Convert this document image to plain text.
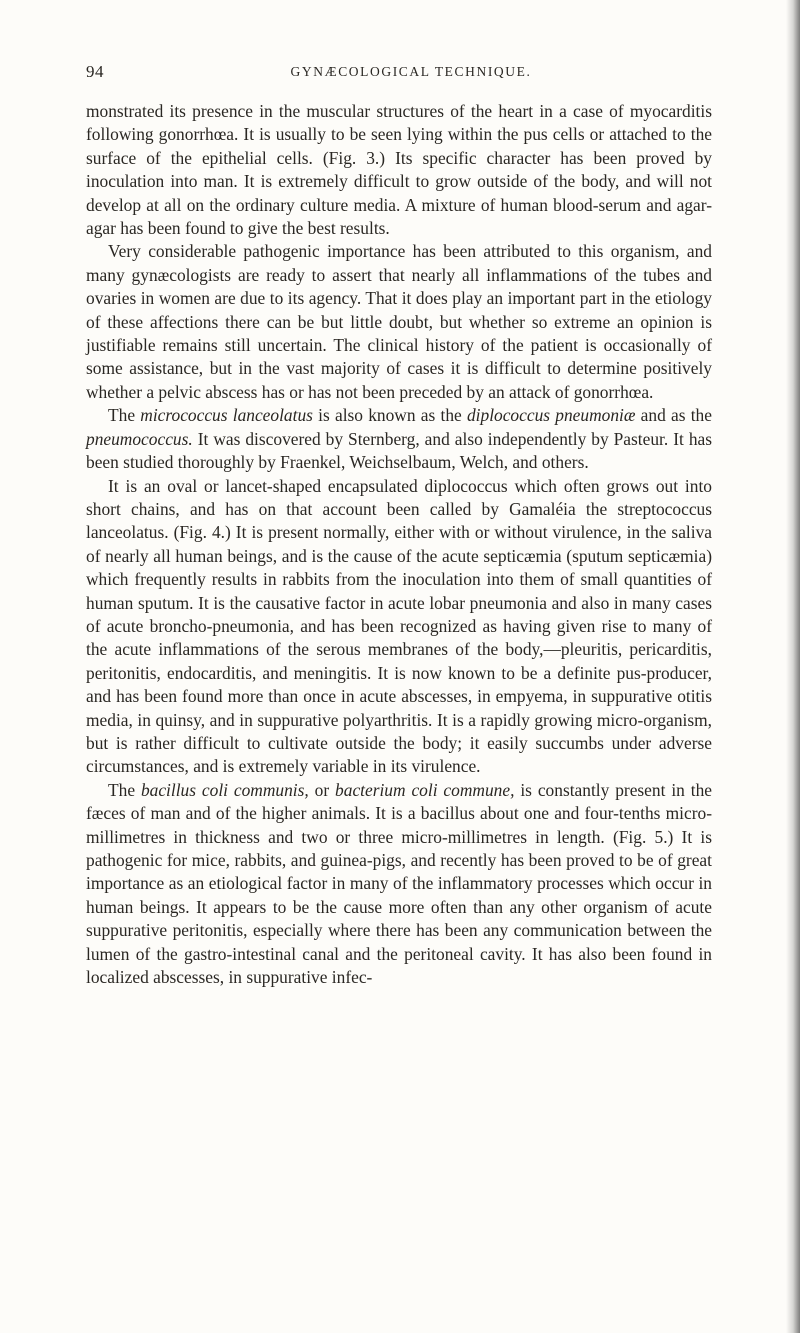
94	GYNÆCOLOGICAL TECHNIQUE.

monstrated its presence in the muscular structures of the heart in a case of myocarditis following gonorrhœa. It is usually to be seen lying within the pus cells or attached to the surface of the epithelial cells. (Fig. 3.) Its specific character has been proved by inoculation into man. It is extremely difficult to grow outside of the body, and will not develop at all on the ordinary culture media. A mixture of human blood-serum and agar-agar has been found to give the best results.

Very considerable pathogenic importance has been attributed to this organism, and many gynæcologists are ready to assert that nearly all inflammations of the tubes and ovaries in women are due to its agency. That it does play an important part in the etiology of these affections there can be but little doubt, but whether so extreme an opinion is justifiable remains still uncertain. The clinical history of the patient is occasionally of some assistance, but in the vast majority of cases it is difficult to determine positively whether a pelvic abscess has or has not been preceded by an attack of gonorrhœa.

The micrococcus lanceolatus is also known as the diplococcus pneumoniæ and as the pneumococcus. It was discovered by Sternberg, and also independently by Pasteur. It has been studied thoroughly by Fraenkel, Weichselbaum, Welch, and others.

It is an oval or lancet-shaped encapsulated diplococcus which often grows out into short chains, and has on that account been called by Gamaléia the streptococcus lanceolatus. (Fig. 4.) It is present normally, either with or without virulence, in the saliva of nearly all human beings, and is the cause of the acute septicæmia (sputum septicæmia) which frequently results in rabbits from the inoculation into them of small quantities of human sputum. It is the causative factor in acute lobar pneumonia and also in many cases of acute broncho-pneumonia, and has been recognized as having given rise to many of the acute inflammations of the serous membranes of the body,—pleuritis, pericarditis, peritonitis, endocarditis, and meningitis. It is now known to be a definite pus-producer, and has been found more than once in acute abscesses, in empyema, in suppurative otitis media, in quinsy, and in suppurative polyarthritis. It is a rapidly growing micro-organism, but is rather difficult to cultivate outside the body; it easily succumbs under adverse circumstances, and is extremely variable in its virulence.

The bacillus coli communis, or bacterium coli commune, is constantly present in the fæces of man and of the higher animals. It is a bacillus about one and four-tenths micro-millimetres in thickness and two or three micro-millimetres in length. (Fig. 5.) It is pathogenic for mice, rabbits, and guinea-pigs, and recently has been proved to be of great importance as an etiological factor in many of the inflammatory processes which occur in human beings. It appears to be the cause more often than any other organism of acute suppurative peritonitis, especially where there has been any communication between the lumen of the gastro-intestinal canal and the peritoneal cavity. It has also been found in localized abscesses, in suppurative infec-
